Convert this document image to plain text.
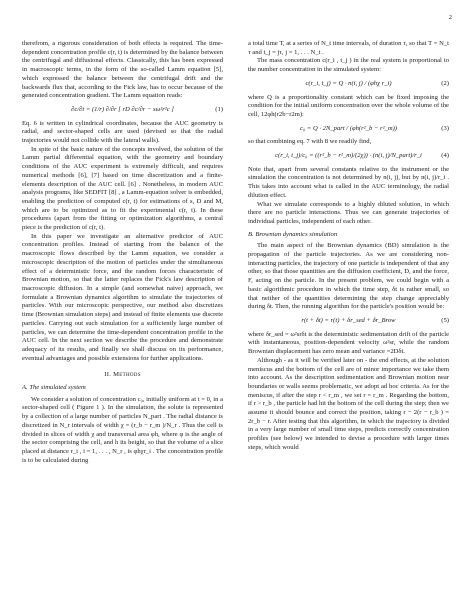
2

therefrom, a rigorous consideration of both effects is required. The time-dependent concentration profile c(r, t) is determined by the balance between the centrifugal and diffusional effects. Classically, this has been expressed in macroscopic terms, in the form of the so-called Lamm equation [5], which expressed the balance between the centrifugal drift and the backwards flux that, according to the Fick law, has to occur because of the generated concentration gradient. The Lamm equation reads:

∂c/∂t = (1/r) ∂/∂r [ rD ∂c/∂r − sω²r²c ]	(1)

Eq. 6 is written in cylindrical coordinates, because the AUC geometry is radial, and sector-shaped cells are used (devised so that the radial trajectories would not collide with the lateral walls).

In spite of the basic nature of the concepts involved, the solution of the Lamm partial differential equation, with the geometry and boundary conditions of the AUC experiment is extremely difficult, and requires numerical methods [6], [7] based on time discretization and a finite-elements description of the AUC cell. [6] . Nonetheless, in modern AUC analysis programs, like SEDFIT [8] , a Lamm-equation solver is embedded, enabling the prediction of computed c(r, t) for estimations of s, D and M, which are to be optimized as to fit the experimental c(r, t). In these procedures (apart from the fitting or optimization algorithms, a central piece is the prediction of c(r, t).

In this paper we investigate an alternative predictor of AUC concentration profiles. Instead of starting from the balance of the macroscopic flows described by the Lamm equation, we consider a microscopic description of the motion of particles under the simultaneous effect of a deterministic force, and the random forces characteristic of Brownian motion, so that the latter replaces the Fick's law description of macroscopic diffusion. In a simple (and somewhat naive) approach, we formulate a Brownian dynamics algorithm to simulate the trajectories of particles. With our microscopic perspective, our method also discretizes time (Brownian simulation steps) and instead of finite elements use discrete particles. Carrying out such simulation for a sufficiently large number of particles, we can determine the time-dependent concentration profile in the AUC cell. In the next section we describe the procedure and demonstrate adequacy of its results, and finally we shall discuss on its performance, eventual advantages and possible extensions for further applications.

II. Methods
A. The simulated system

We consider a solution of concentration c₀, initially uniform at t = 0, in a sector-shaped cell ( Figure 1 ). In the simulation, the solute is represented by a collection of a large number of particles N_part . The radial distance is discretized in N_r intervals of width χ = (r_b − r_m )/N_r . Thus the cell is divided in slices of width χ and transversal area φh, where φ is the angle of the sector comprising the cell, and h its height, so that the volume of a slice placed at distance r_i , i = 1, . . . , N_r , is φhχr_i . The concentration profile is to be calculated during

a total time T, at a series of N_t time intervals, of duration τ, so that T = N_t τ and t_j = jτ, j = 1, . . . N_t .

The mass concentration c(r_i , t_j ) in the real system is proportional to the number concentration in the simulated system:

c(r_i, t_j) = Q · n(i, j) / (φhχ r_i)	(2)

where Q is a proportionality constant which can be fixed imposing the condition for the initial uniform concentration over the whole volume of the cell, 12φh(r2b−r2m):

c₀ = Q · 2N_part / (φh(r²_b − r²_m))	(3)

so that combining eq. 7 with 8 we readily find,

c(r_i, t_j)/c₀ = ((r²_b − r²_m)/(2χ)) · (n(i, j)/N_part)/r_i	(4)

Note that, apart from several constants relative to the instrument or the simulation the concentration is not determined by n(i, j), but by n(i, j)/r_i . This takes into account what is called in the AUC terminology, the radial dilution effect.

What we simulate corresponds to a highly diluted solution, in which there are no particle interactions. Thus we can generate trajectories of individual particles, independent of each other.

B. Brownian dynamics simulation

The main aspect of the Brownian dynamics (BD) simulation is the propagation of the particle trajectories. As we are considering non-interacting particles, the trajectory of one particle is independent of that any other, so that those quantities are the diffusion coefficient, D, and the force, F, acting on the particle. In the present problem, we could begin with a basic algorithmic procedure in which the time step, δt is rather small, so that neither of the quantities determining the step change appreciably during δt. Then, the running algorithm for the particle's position would be:

r(t + δt) = r(t) + δr_sed + δr_Brow	(5)

where δr_sed = ω²srδt is the deterministic sedimentation drift of the particle with instantaneous, position-dependent velocity ω²sr, while the random Brownian displacement has zero mean and variance =2Dδt.

Although - as it will be verified later on - the end effects, at the solution meniscus and the bottom of the cell are of minor importance we take them into account. As the description sedimentation and Brownian motion near boundaries or walls seems problematic, we adopt ad hoc criteria. As for the meniscus, if after the step r < r_m , we set r = r_m . Regarding the bottom, if r > r_b , the particle had hit the bottom of the cell during the step; then we assume it should bounce and correct the position, taking r − 2(r − r_b ) = 2r_b − r. After testing that this algorithm, in which the trajectory is divided in a very large number of small time steps, predicts correctly concentration profiles (see below) we intended to devise a procedure with larger times steps, which would
